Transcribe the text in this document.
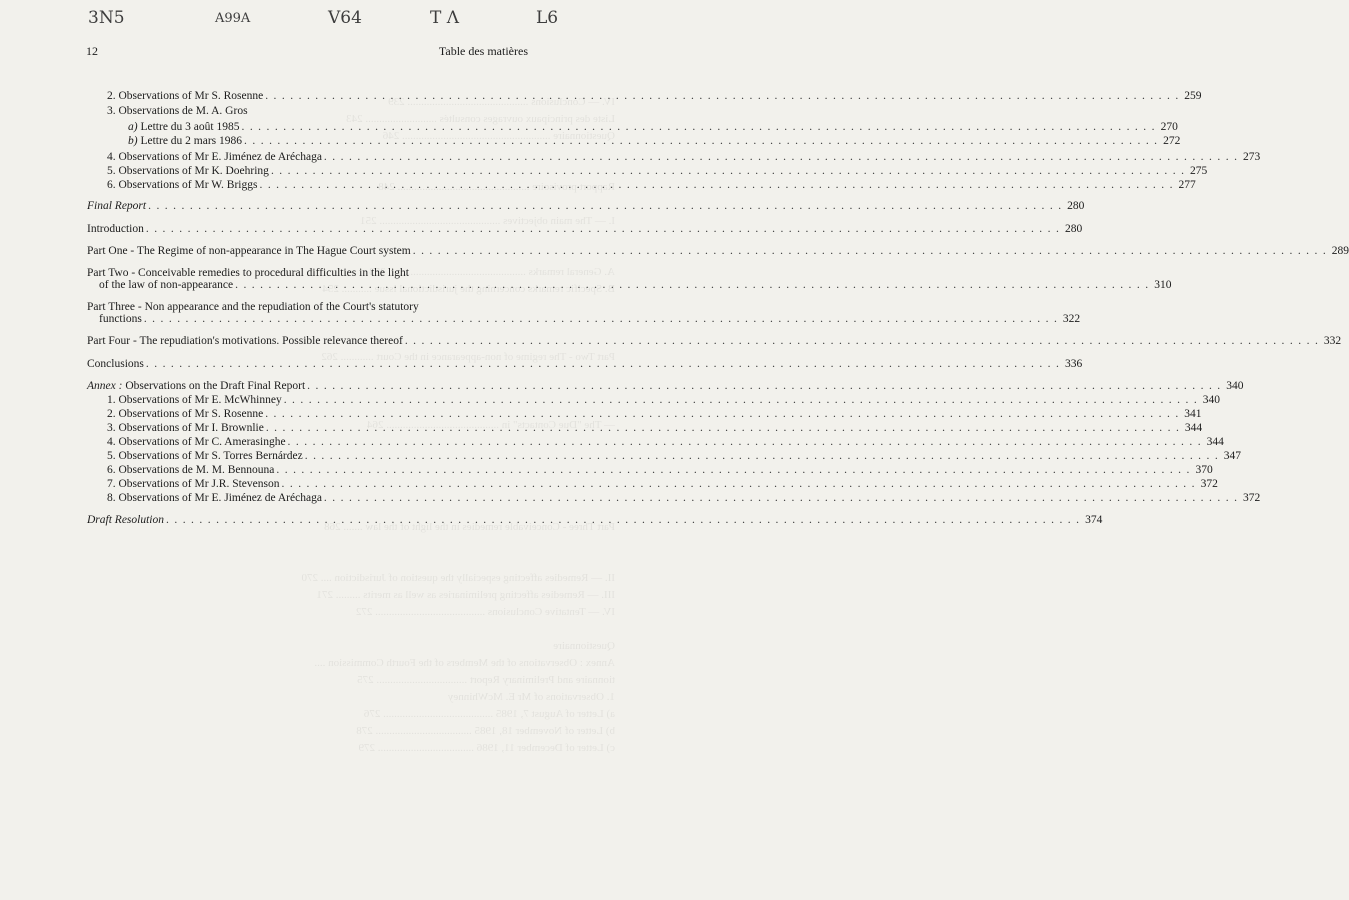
IV. — Conclusions ............................................ 239
Liste des principaux ouvrages consultés .......................... 243
Questionnaire ...................................................... 246

Rapport provisoire ................................................ 248

I. — The main objectives ............................................ 251

A. General remarks .................................................. 253
B. Specific remarks concerning the jurisdictional issue ........... 254

Part Two - The regime of non-appearance in the Court ............ 262

— The "Due Contacts" in ......................................... 264

Part Three - Conceivable remedies in the light of the law ....... 268

II. — Remedies affecting especially the question of Jurisdiction .... 270
III. — Remedies affecting preliminaries as well as merits ......... 271
IV. — Tentative Conclusions ........................................ 272

Questionnaire
Annex : Observations of the Members of the Fourth Commission ....
tionnaire and Preliminary Report ................................. 275
1. Observations of Mr E. McWhinney
a) Letter of August 7, 1985 ........................................ 276
b) Letter of November 18, 1985 ................................... 278
c) Letter of December 11, 1986 ................................... 279
3N5	A99A	V64	T Λ	L6
12	Table des matières
2. Observations of Mr S. Rosenne . . .	259
3. Observations de M. A. Gros
a) Lettre du 3 août 1985 . . .	270
b) Lettre du 2 mars 1986 . . .	272
4. Observations of Mr E. Jiménez de Aréchaga . . .	273
5. Observations of Mr K. Doehring . . .	275
6. Observations of Mr W. Briggs . . .	277
Final Report . . .	280
Introduction . . .	280
Part One - The Regime of non-appearance in The Hague Court system . . .	289
Part Two - Conceivable remedies to procedural difficulties in the light
of the law of non-appearance . . .	310
Part Three - Non appearance and the repudiation of the Court's statutory
functions . . .	322
Part Four - The repudiation's motivations. Possible relevance thereof . . .	332
Conclusions . . .	336
Annex : Observations on the Draft Final Report . . .	340
1. Observations of Mr E. McWhinney . . .	340
2. Observations of Mr S. Rosenne . . .	341
3. Observations of Mr I. Brownlie . . .	344
4. Observations of Mr C. Amerasinghe . . .	344
5. Observations of Mr S. Torres Bernárdez . . .	347
6. Observations de M. M. Bennouna . . .	370
7. Observations of Mr J.R. Stevenson . . .	372
8. Observations of Mr E. Jiménez de Aréchaga . . .	372
Draft Resolution . . .	374
